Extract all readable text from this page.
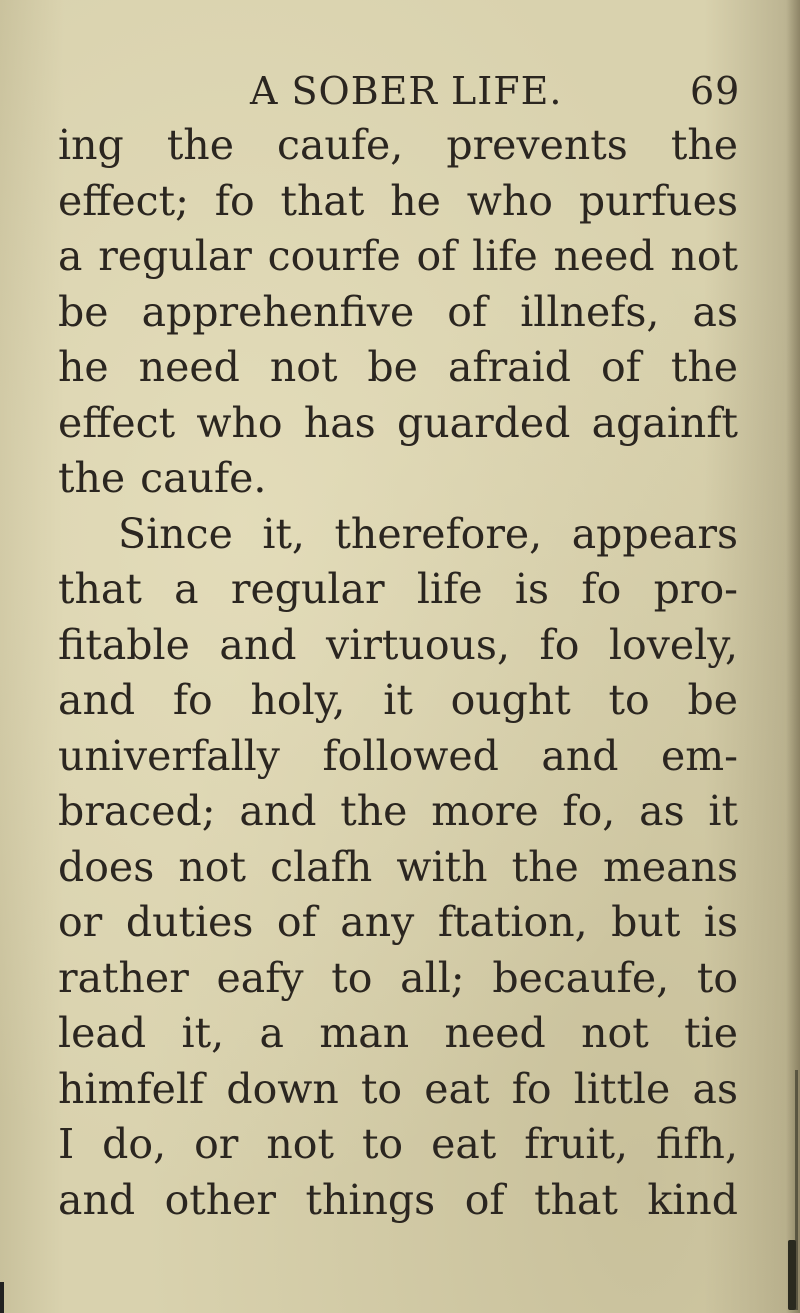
A SOBER LIFE.	69
ing the caufe, prevents the
effect; fo that he who purfues
a regular courfe of life need not
be apprehenfive of illnefs, as
he need not be afraid of the
effect who has guarded againft
the caufe.
Since it, therefore, appears
that a regular life is fo pro-
fitable and virtuous, fo lovely,
and fo holy, it ought to be
univerfally followed and em-
braced; and the more fo, as it
does not clafh with the means
or duties of any ftation, but is
rather eafy to all; becaufe, to
lead it, a man need not tie
himfelf down to eat fo little as
I do, or not to eat fruit, fifh,
and other things of that kind
